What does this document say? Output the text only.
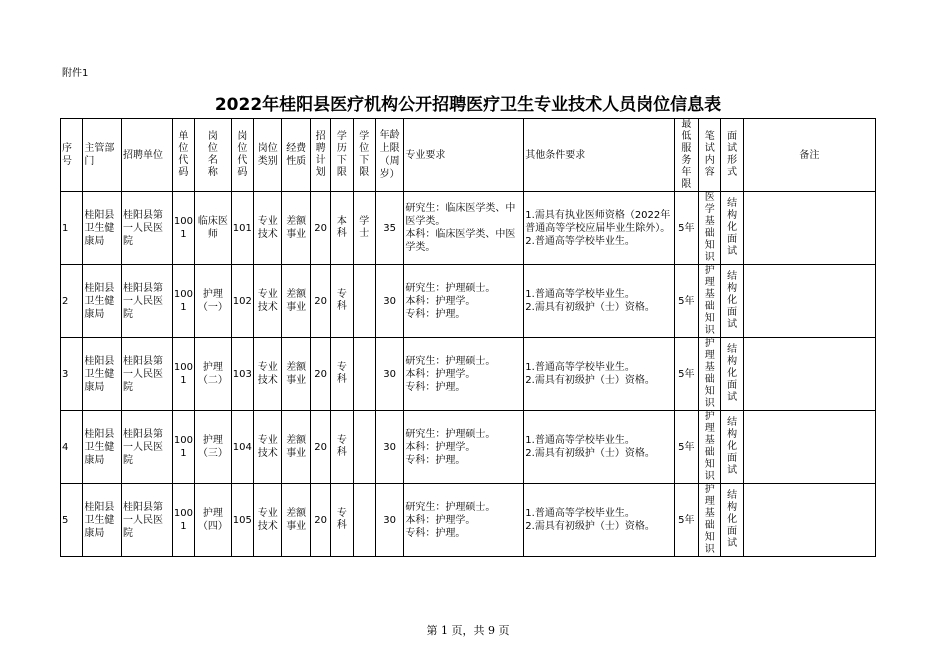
附件1
2022年桂阳县医疗机构公开招聘医疗卫生专业技术人员岗位信息表
序号	主管部门	招聘单位	单位代码	岗位名称	岗位代码	岗位类别	经费性质	招聘计划	学历下限	学位下限	年龄上限（周岁）	专业要求	其他条件要求	最低服务年限	笔试内容	面试形式	备注
1	桂阳县卫生健康局	桂阳县第一人民医院	1001	临床医师	101	专业技术	差额事业	20	本科	学士	35	研究生：临床医学类、中医学类。
本科：临床医学类、中医学类。	1.需具有执业医师资格（2022年普通高等学校应届毕业生除外）。
2.普通高等学校毕业生。	5年	医学基础知识	结构化面试	

2	桂阳县卫生健康局	桂阳县第一人民医院	1001	护理（一）	102	专业技术	差额事业	20	专科		30	研究生：护理硕士。
本科：护理学。
专科：护理。	1.普通高等学校毕业生。
2.需具有初级护（士）资格。	5年	护理基础知识	结构化面试	

3	桂阳县卫生健康局	桂阳县第一人民医院	1001	护理（二）	103	专业技术	差额事业	20	专科		30	研究生：护理硕士。
本科：护理学。
专科：护理。	1.普通高等学校毕业生。
2.需具有初级护（士）资格。	5年	护理基础知识	结构化面试	

4	桂阳县卫生健康局	桂阳县第一人民医院	1001	护理（三）	104	专业技术	差额事业	20	专科		30	研究生：护理硕士。
本科：护理学。
专科：护理。	1.普通高等学校毕业生。
2.需具有初级护（士）资格。	5年	护理基础知识	结构化面试	

5	桂阳县卫生健康局	桂阳县第一人民医院	1001	护理（四）	105	专业技术	差额事业	20	专科		30	研究生：护理硕士。
本科：护理学。
专科：护理。	1.普通高等学校毕业生。
2.需具有初级护（士）资格。	5年	护理基础知识	结构化面试	

第 1 页，共 9 页
